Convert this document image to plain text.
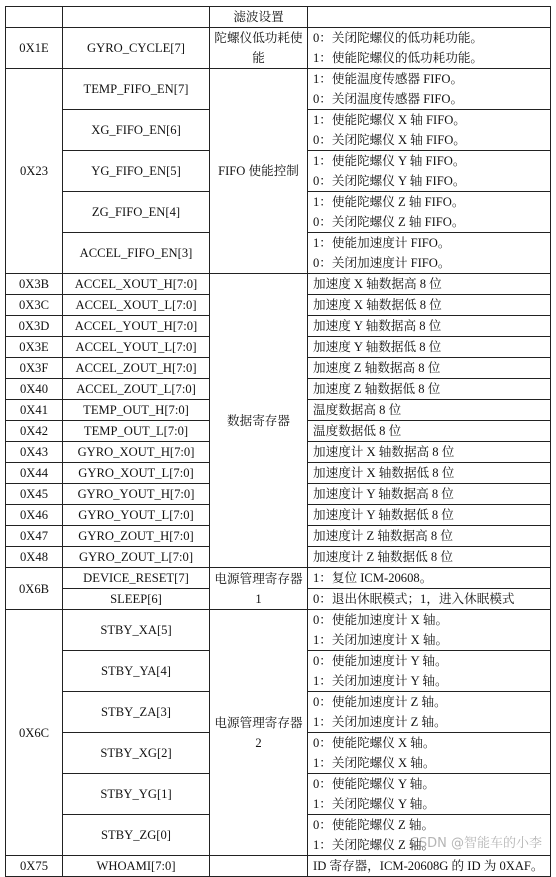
		滤波设置	
0X1E	GYRO_CYCLE[7]	陀螺仪低功耗使能	0：关闭陀螺仪的低功耗功能。
1：使能陀螺仪的低功耗功能。

0X23	TEMP_FIFO_EN[7]	FIFO 使能控制	1：使能温度传感器 FIFO。
0：关闭温度传感器 FIFO。

	XG_FIFO_EN[6]		1：使能陀螺仪 X 轴 FIFO。
0：关闭陀螺仪 X 轴 FIFO。

	YG_FIFO_EN[5]		1：使能陀螺仪 Y 轴 FIFO。
0：关闭陀螺仪 Y 轴 FIFO。

	ZG_FIFO_EN[4]		1：使能陀螺仪 Z 轴 FIFO。
0：关闭陀螺仪 Z 轴 FIFO。

	ACCEL_FIFO_EN[3]		1：使能加速度计 FIFO。
0：关闭加速度计 FIFO。

0X3B	ACCEL_XOUT_H[7:0]	数据寄存器	加速度 X 轴数据高 8 位
0X3C	ACCEL_XOUT_L[7:0]		加速度 X 轴数据低 8 位
0X3D	ACCEL_YOUT_H[7:0]		加速度 Y 轴数据高 8 位
0X3E	ACCEL_YOUT_L[7:0]		加速度 Y 轴数据低 8 位
0X3F	ACCEL_ZOUT_H[7:0]		加速度 Z 轴数据高 8 位
0X40	ACCEL_ZOUT_L[7:0]		加速度 Z 轴数据低 8 位
0X41	TEMP_OUT_H[7:0]		温度数据高 8 位
0X42	TEMP_OUT_L[7:0]		温度数据低 8 位
0X43	GYRO_XOUT_H[7:0]		加速度计 X 轴数据高 8 位
0X44	GYRO_XOUT_L[7:0]		加速度计 X 轴数据低 8 位
0X45	GYRO_YOUT_H[7:0]		加速度计 Y 轴数据高 8 位
0X46	GYRO_YOUT_L[7:0]		加速度计 Y 轴数据低 8 位
0X47	GYRO_ZOUT_H[7:0]		加速度计 Z 轴数据高 8 位
0X48	GYRO_ZOUT_L[7:0]		加速度计 Z 轴数据低 8 位
0X6B	DEVICE_RESET[7]	电源管理寄存器 1	1：复位 ICM-20608。

	SLEEP[6]		0：退出休眠模式；1，进入休眠模式

0X6C	STBY_XA[5]	电源管理寄存器 2	0：使能加速度计 X 轴。
1：关闭加速度计 X 轴。

	STBY_YA[4]		0：使能加速度计 Y 轴。
1：关闭加速度计 Y 轴。

	STBY_ZA[3]		0：使能加速度计 Z 轴。
1：关闭加速度计 Z 轴。

	STBY_XG[2]		0：使能陀螺仪 X 轴。
1：关闭陀螺仪 X 轴。

	STBY_YG[1]		0：使能陀螺仪 Y 轴。
1：关闭陀螺仪 Y 轴。

	STBY_ZG[0]		0：使能陀螺仪 Z 轴。
1：关闭陀螺仪 Z 轴。

0X75	WHOAMI[7:0]		ID 寄存器，ICM-20608G 的 ID 为 0XAF。
CSDN @智能车的小李
